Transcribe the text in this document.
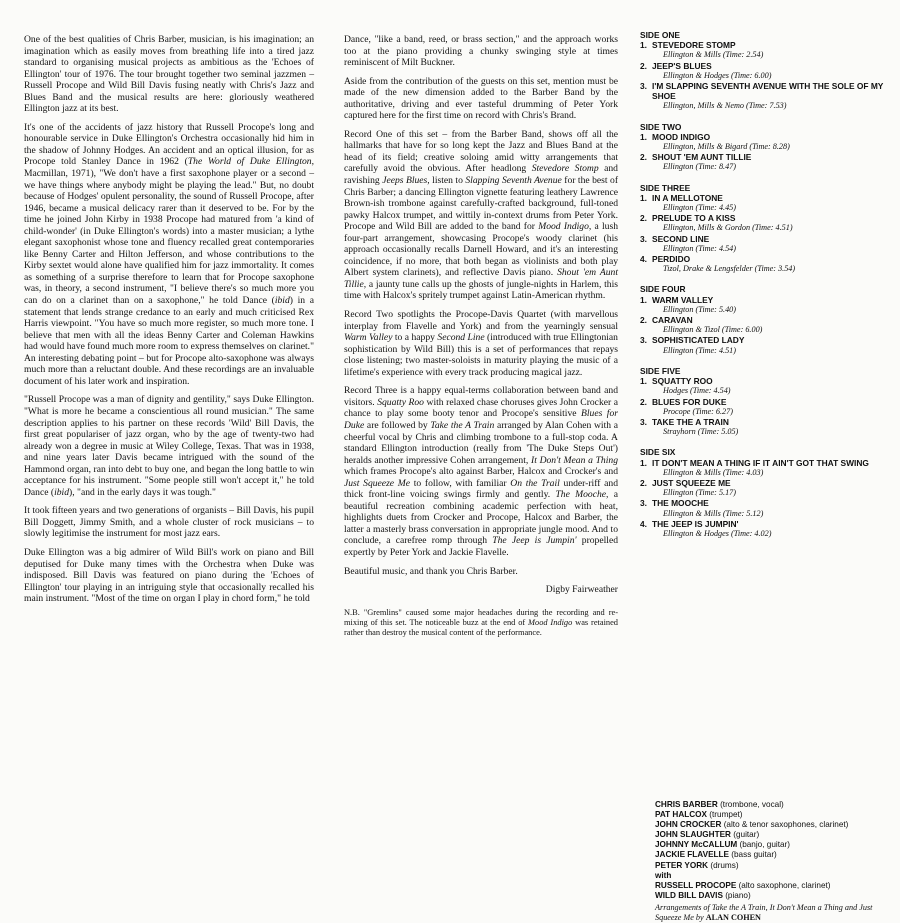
One of the best qualities of Chris Barber, musician, is his imagination; an imagination which as easily moves from breathing life into a tired jazz standard to organising musical projects as ambitious as the 'Echoes of Ellington' tour of 1976. The tour brought together two seminal jazzmen – Russell Procope and Wild Bill Davis fusing neatly with Chris's Jazz and Blues Band and the musical results are here: gloriously weathered Ellington jazz at its best.

It's one of the accidents of jazz history that Russell Procope's long and honourable service in Duke Ellington's Orchestra occasionally hid him in the shadow of Johnny Hodges. An accident and an optical illusion, for as Procope told Stanley Dance in 1962 (The World of Duke Ellington, Macmillan, 1971), "We don't have a first saxophone player or a second – we have things where anybody might be playing the lead." But, no doubt because of Hodges' opulent personality, the sound of Russell Procope, after 1946, became a musical delicacy rarer than it deserved to be. For by the time he joined John Kirby in 1938 Procope had matured from 'a kind of child-wonder' (in Duke Ellington's words) into a master musician; a lythe elegant saxophonist whose tone and fluency recalled great contemporaries like Benny Carter and Hilton Jefferson, and whose contributions to the Kirby sextet would alone have qualified him for jazz immortality. It comes as something of a surprise therefore to learn that for Procope saxophone was, in theory, a second instrument, "I believe there's so much more you can do on a clarinet than on a saxophone," he told Dance (ibid) in a statement that lends strange credance to an early and much criticised Rex Harris viewpoint. "You have so much more register, so much more tone. I believe that men with all the ideas Benny Carter and Coleman Hawkins had would have found much more room to express themselves on clarinet." An interesting debating point – but for Procope alto-saxophone was always much more than a reluctant double. And these recordings are an invaluable document of his later work and inspiration.

"Russell Procope was a man of dignity and gentility," says Duke Ellington. "What is more he became a conscientious all round musician." The same description applies to his partner on these records 'Wild' Bill Davis, the first great populariser of jazz organ, who by the age of twenty-two had already won a degree in music at Wiley College, Texas. That was in 1938, and nine years later Davis became intrigued with the sound of the Hammond organ, ran into debt to buy one, and began the long battle to win acceptance for his instrument. "Some people still won't accept it," he told Dance (ibid), "and in the early days it was tough."

It took fifteen years and two generations of organists – Bill Davis, his pupil Bill Doggett, Jimmy Smith, and a whole cluster of rock musicians – to slowly legitimise the instrument for most jazz ears.

Duke Ellington was a big admirer of Wild Bill's work on piano and Bill deputised for Duke many times with the Orchestra when Duke was indisposed. Bill Davis was featured on piano during the 'Echoes of Ellington' tour playing in an intriguing style that occasionally recalled his main instrument. "Most of the time on organ I play in chord form," he told

Dance, "like a band, reed, or brass section," and the approach works too at the piano providing a chunky swinging style at times reminiscent of Milt Buckner.

Aside from the contribution of the guests on this set, mention must be made of the new dimension added to the Barber Band by the authoritative, driving and ever tasteful drumming of Peter York captured here for the first time on record with Chris's Brand.

Record One of this set – from the Barber Band, shows off all the hallmarks that have for so long kept the Jazz and Blues Band at the head of its field; creative soloing amid witty arrangements that carefully avoid the obvious. After headlong Stevedore Stomp and ravishing Jeeps Blues, listen to Slapping Seventh Avenue for the best of Chris Barber; a dancing Ellington vignette featuring leathery Lawrence Brown-ish trombone against carefully-crafted background, full-toned pawky Halcox trumpet, and wittily in-context drums from Peter York. Procope and Wild Bill are added to the band for Mood Indigo, a lush four-part arrangement, showcasing Procope's woody clarinet (his approach occasionally recalls Darnell Howard, and it's an interesting coincidence, if no more, that both began as violinists and both play Albert system clarinets), and reflective Davis piano. Shout 'em Aunt Tillie, a jaunty tune calls up the ghosts of jungle-nights in Harlem, this time with Halcox's spritely trumpet against Latin-American rhythm.

Record Two spotlights the Procope-Davis Quartet (with marvellous interplay from Flavelle and York) and from the yearningly sensual Warm Valley to a happy Second Line (introduced with true Ellingtonian sophistication by Wild Bill) this is a set of performances that repays close listening; two master-soloists in maturity playing the music of a lifetime's experience with every track producing magical jazz.

Record Three is a happy equal-terms collaboration between band and visitors. Squatty Roo with relaxed chase choruses gives John Crocker a chance to play some booty tenor and Procope's sensitive Blues for Duke are followed by Take the A Train arranged by Alan Cohen with a cheerful vocal by Chris and climbing trombone to a full-stop coda. A standard Ellington introduction (really from 'The Duke Steps Out') heralds another impressive Cohen arrangement, It Don't Mean a Thing which frames Procope's alto against Barber, Halcox and Crocker's and Just Squeeze Me to follow, with familiar On the Trail under-riff and thick front-line voicing swings firmly and gently. The Mooche, a beautiful recreation combining academic perfection with heat, highlights duets from Crocker and Procope, Halcox and Barber, the latter a masterly brass conversation in appropriate jungle mood. And to conclude, a carefree romp through The Jeep is Jumpin' propelled expertly by Peter York and Jackie Flavelle.

Beautiful music, and thank you Chris Barber.

Digby Fairweather
N.B. "Gremlins" caused some major headaches during the recording and re-mixing of this set. The noticeable buzz at the end of Mood Indigo was retained rather than destroy the musical content of the performance.
SIDE ONE
1. STEVEDORE STOMP
Ellington & Mills (Time: 2.54)
2. JEEP'S BLUES
Ellington & Hodges (Time: 6.00)
3. I'M SLAPPING SEVENTH AVENUE WITH THE SOLE OF MY SHOE
Ellington, Mills & Nemo (Time: 7.53)
SIDE TWO
1. MOOD INDIGO
Ellington, Mills & Bigard (Time: 8.28)
2. SHOUT 'EM AUNT TILLIE
Ellington (Time: 8.47)
SIDE THREE
1. IN A MELLOTONE
Ellington (Time: 4.45)
2. PRELUDE TO A KISS
Ellington, Mills & Gordon (Time: 4.51)
3. SECOND LINE
Ellington (Time: 4.54)
4. PERDIDO
Tizol, Drake & Lengsfelder (Time: 3.54)
SIDE FOUR
1. WARM VALLEY
Ellington (Time: 5.40)
2. CARAVAN
Ellington & Tizol (Time: 6.00)
3. SOPHISTICATED LADY
Ellington (Time: 4.51)
SIDE FIVE
1. SQUATTY ROO
Hodges (Time: 4.54)
2. BLUES FOR DUKE
Procope (Time: 6.27)
3. TAKE THE A TRAIN
Strayhorn (Time: 5.05)
SIDE SIX
1. IT DON'T MEAN A THING IF IT AIN'T GOT THAT SWING
Ellington & Mills (Time: 4.03)
2. JUST SQUEEZE ME
Ellington (Time: 5.17)
3. THE MOOCHE
Ellington & Mills (Time: 5.12)
4. THE JEEP IS JUMPIN'
Ellington & Hodges (Time: 4.02)
CHRIS BARBER (trombone, vocal)
PAT HALCOX (trumpet)
JOHN CROCKER (alto & tenor saxophones, clarinet)
JOHN SLAUGHTER (guitar)
JOHNNY McCALLUM (banjo, guitar)
JACKIE FLAVELLE (bass guitar)
PETER YORK (drums)
with
RUSSELL PROCOPE (alto saxophone, clarinet)
WILD BILL DAVIS (piano)
Arrangements of Take the A Train, It Don't Mean a Thing and Just Squeeze Me by ALAN COHEN
